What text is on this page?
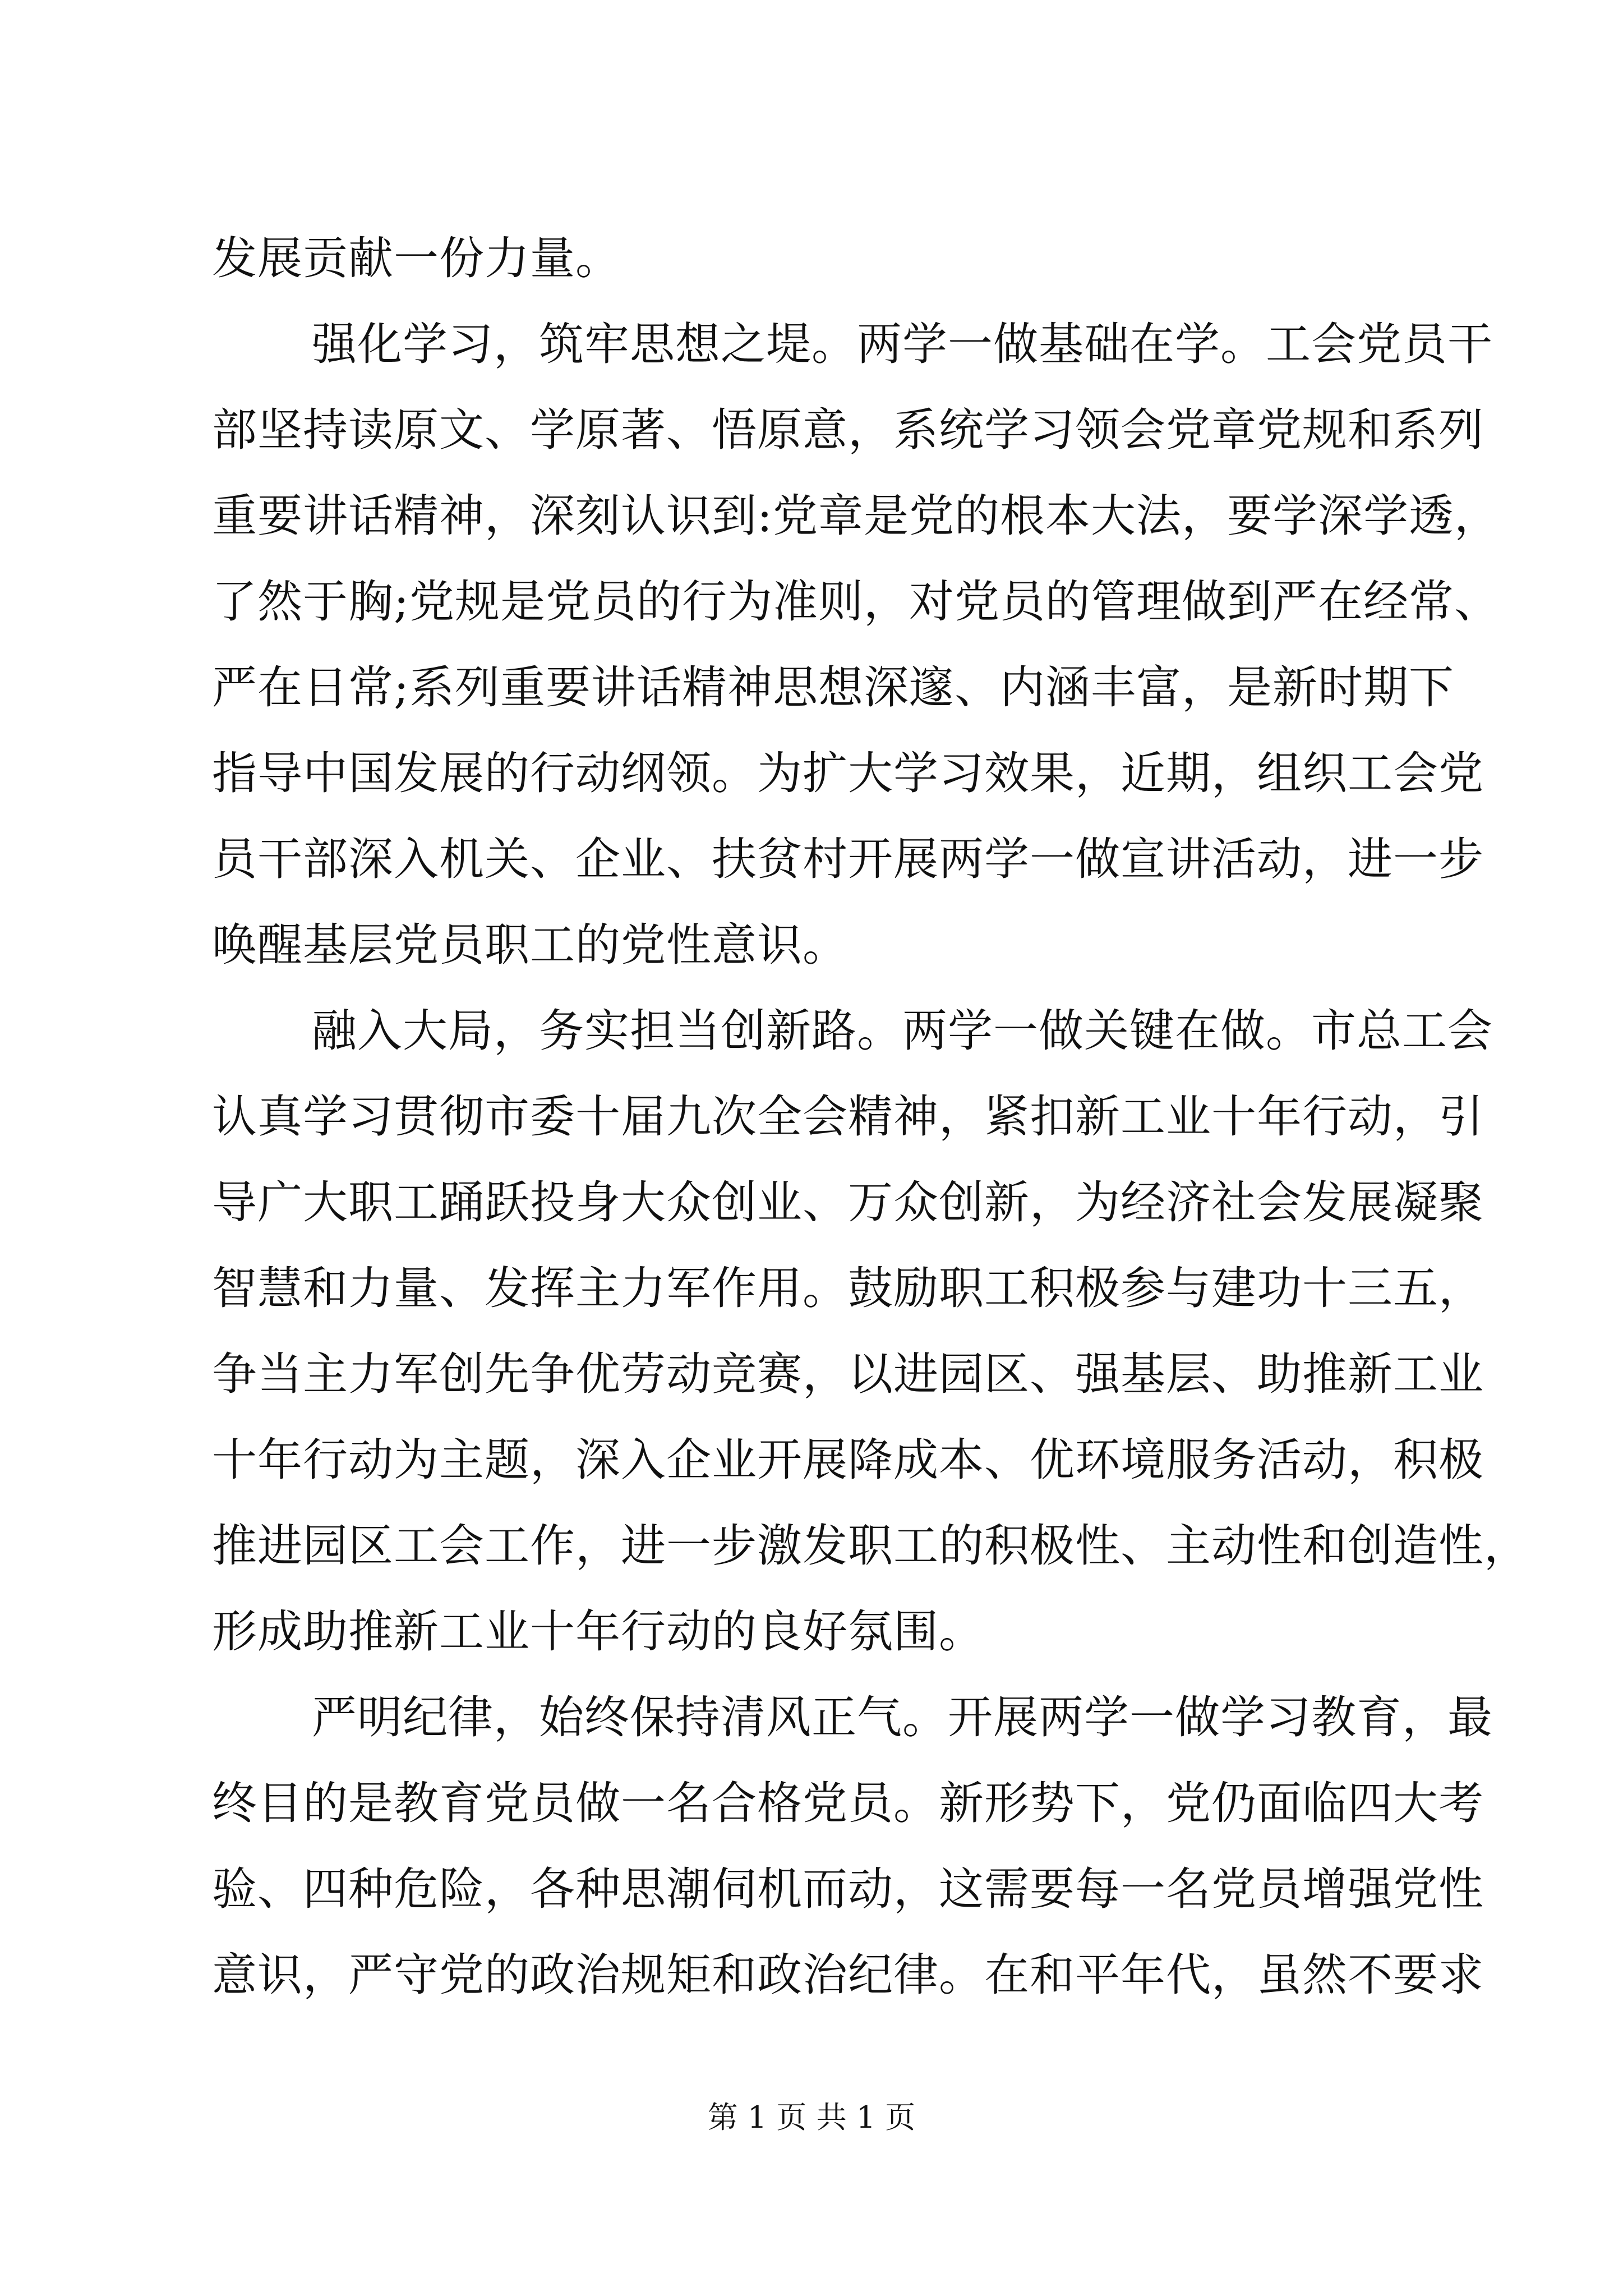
发展贡献一份力量。
强化学习，筑牢思想之堤。两学一做基础在学。工会党员干
部坚持读原文、学原著、悟原意，系统学习领会党章党规和系列
重要讲话精神，深刻认识到:党章是党的根本大法，要学深学透，
了然于胸;党规是党员的行为准则，对党员的管理做到严在经常、
严在日常;系列重要讲话精神思想深邃、内涵丰富，是新时期下
指导中国发展的行动纲领。为扩大学习效果，近期，组织工会党
员干部深入机关、企业、扶贫村开展两学一做宣讲活动，进一步
唤醒基层党员职工的党性意识。
融入大局，务实担当创新路。两学一做关键在做。市总工会
认真学习贯彻市委十届九次全会精神，紧扣新工业十年行动，引
导广大职工踊跃投身大众创业、万众创新，为经济社会发展凝聚
智慧和力量、发挥主力军作用。鼓励职工积极参与建功十三五，
争当主力军创先争优劳动竞赛，以进园区、强基层、助推新工业
十年行动为主题，深入企业开展降成本、优环境服务活动，积极
推进园区工会工作，进一步激发职工的积极性、主动性和创造性，
形成助推新工业十年行动的良好氛围。
严明纪律，始终保持清风正气。开展两学一做学习教育，最
终目的是教育党员做一名合格党员。新形势下，党仍面临四大考
验、四种危险，各种思潮伺机而动，这需要每一名党员增强党性
意识，严守党的政治规矩和政治纪律。在和平年代，虽然不要求
第 1 页 共 1 页
